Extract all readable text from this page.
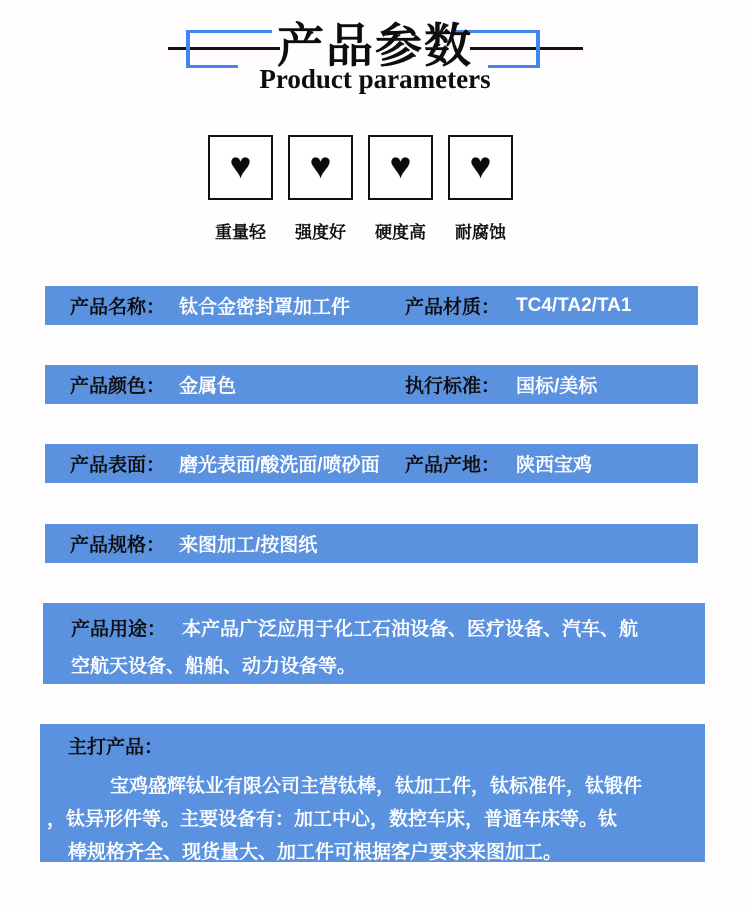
产品参数
Product parameters
♥
重量轻
♥
强度好
♥
硬度高
♥
耐腐蚀
产品名称： 钛合金密封罩加工件	产品材质： TC4/TA2/TA1
产品颜色： 金属色	执行标准： 国标/美标
产品表面： 磨光表面/酸洗面/喷砂面 产品产地： 陕西宝鸡
产品规格： 来图加工/按图纸
产品用途： 本产品广泛应用于化工石油设备、医疗设备、汽车、航
空航天设备、船舶、动力设备等。
主打产品：
宝鸡盛辉钛业有限公司主营钛棒，钛加工件，钛标准件，钛锻件
，钛异形件等。主要设备有：加工中心，数控车床，普通车床等。钛
棒规格齐全、现货量大、加工件可根据客户要求来图加工。
